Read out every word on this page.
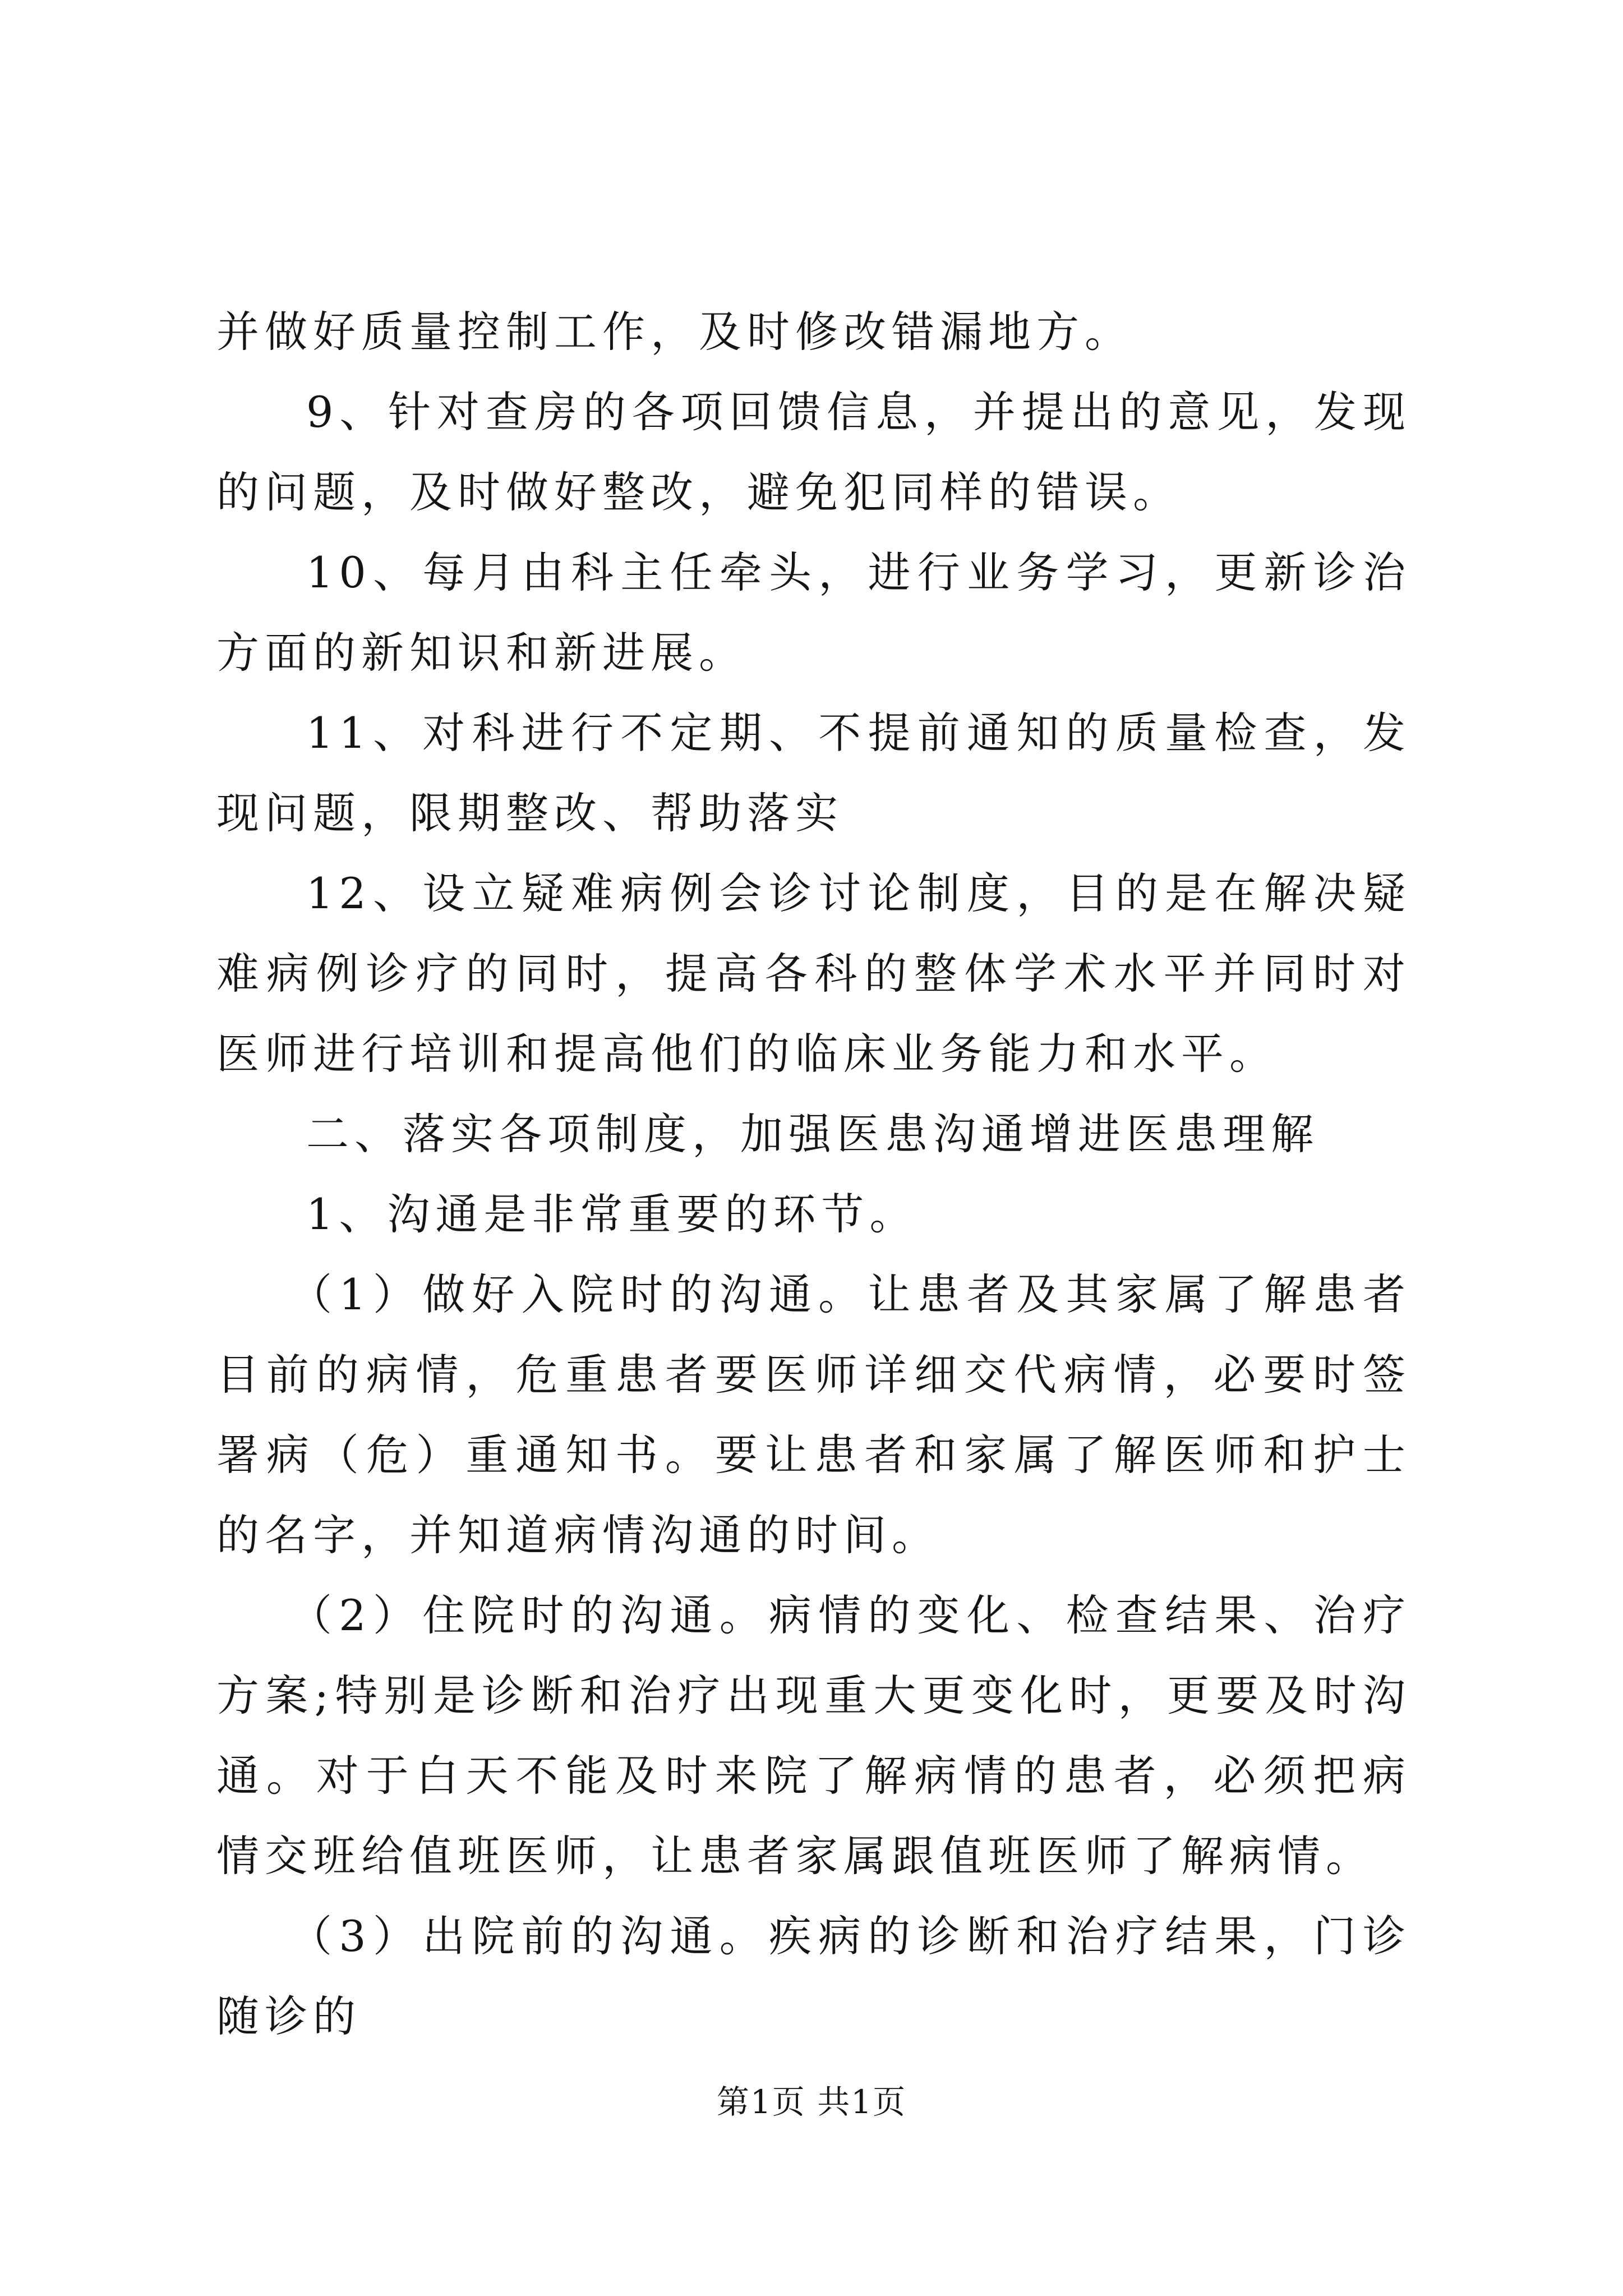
并做好质量控制工作，及时修改错漏地方。

9、针对查房的各项回馈信息，并提出的意见，发现的问题，及时做好整改，避免犯同样的错误。

10、每月由科主任牵头，进行业务学习，更新诊治方面的新知识和新进展。

11、对科进行不定期、不提前通知的质量检查，发现问题，限期整改、帮助落实

12、设立疑难病例会诊讨论制度，目的是在解决疑难病例诊疗的同时，提高各科的整体学术水平并同时对医师进行培训和提高他们的临床业务能力和水平。

二、落实各项制度，加强医患沟通增进医患理解

1、沟通是非常重要的环节。

（1）做好入院时的沟通。让患者及其家属了解患者目前的病情，危重患者要医师详细交代病情，必要时签署病（危）重通知书。要让患者和家属了解医师和护士的名字，并知道病情沟通的时间。

（2）住院时的沟通。病情的变化、检查结果、治疗方案;特别是诊断和治疗出现重大更变化时，更要及时沟通。对于白天不能及时来院了解病情的患者，必须把病情交班给值班医师，让患者家属跟值班医师了解病情。

（3）出院前的沟通。疾病的诊断和治疗结果，门诊随诊的

第1页 共1页
